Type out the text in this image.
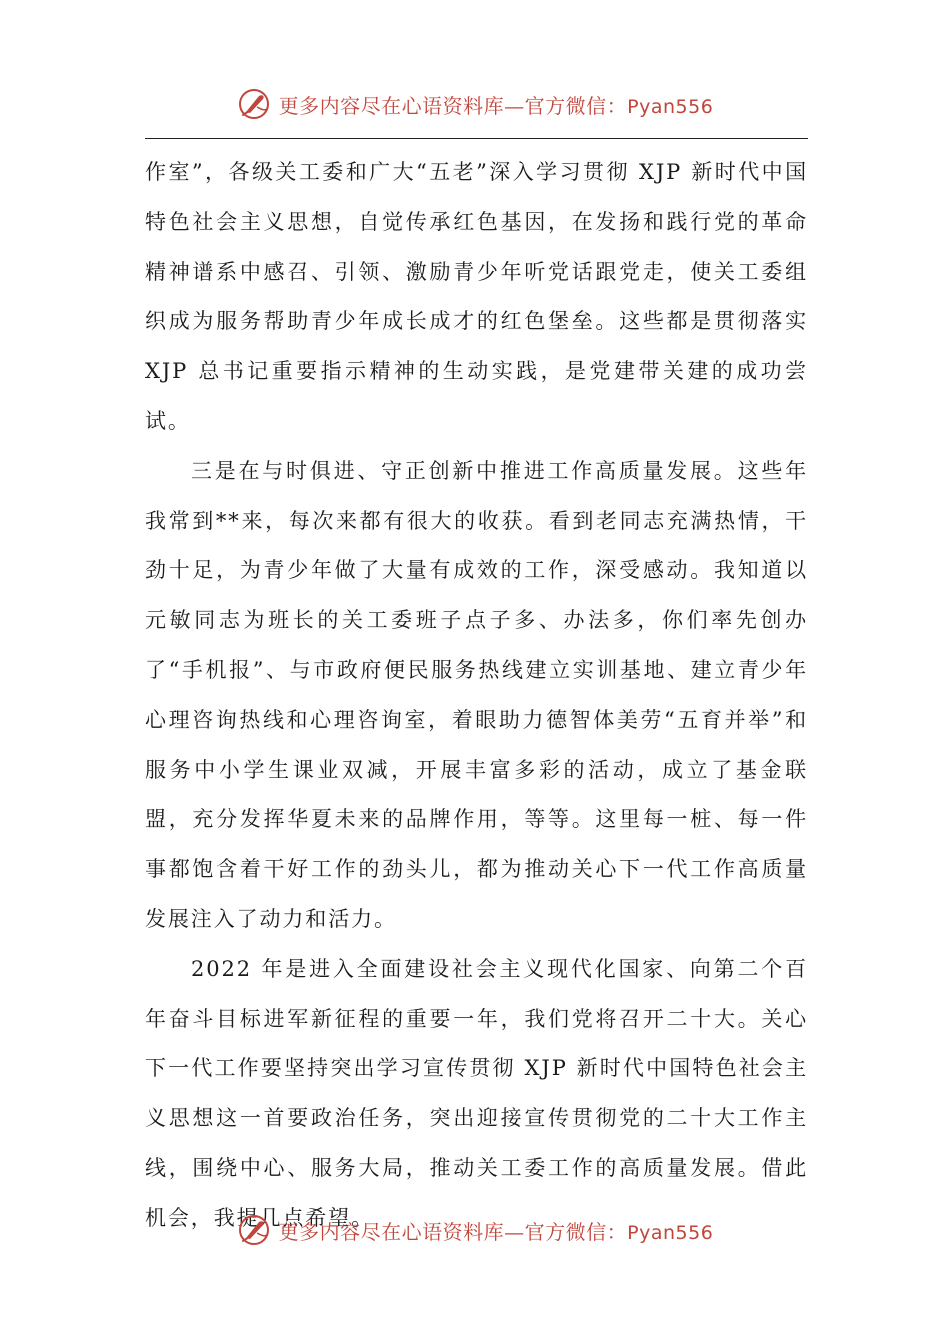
更多内容尽在心语资料库—官方微信：Pyan556

作室”，各级关工委和广大“五老”深入学习贯彻 XJP 新时代中国特色社会主义思想，自觉传承红色基因，在发扬和践行党的革命精神谱系中感召、引领、激励青少年听党话跟党走，使关工委组织成为服务帮助青少年成长成才的红色堡垒。这些都是贯彻落实 XJP 总书记重要指示精神的生动实践，是党建带关建的成功尝试。

三是在与时俱进、守正创新中推进工作高质量发展。这些年我常到**来，每次来都有很大的收获。看到老同志充满热情，干劲十足，为青少年做了大量有成效的工作，深受感动。我知道以元敏同志为班长的关工委班子点子多、办法多，你们率先创办了“手机报”、与市政府便民服务热线建立实训基地、建立青少年心理咨询热线和心理咨询室，着眼助力德智体美劳“五育并举”和服务中小学生课业双减，开展丰富多彩的活动，成立了基金联盟，充分发挥华夏未来的品牌作用，等等。这里每一桩、每一件事都饱含着干好工作的劲头儿，都为推动关心下一代工作高质量发展注入了动力和活力。

2022 年是进入全面建设社会主义现代化国家、向第二个百年奋斗目标进军新征程的重要一年，我们党将召开二十大。关心下一代工作要坚持突出学习宣传贯彻 XJP 新时代中国特色社会主义思想这一首要政治任务，突出迎接宣传贯彻党的二十大工作主线，围绕中心、服务大局，推动关工委工作的高质量发展。借此机会，我提几点希望。

更多内容尽在心语资料库—官方微信：Pyan556
